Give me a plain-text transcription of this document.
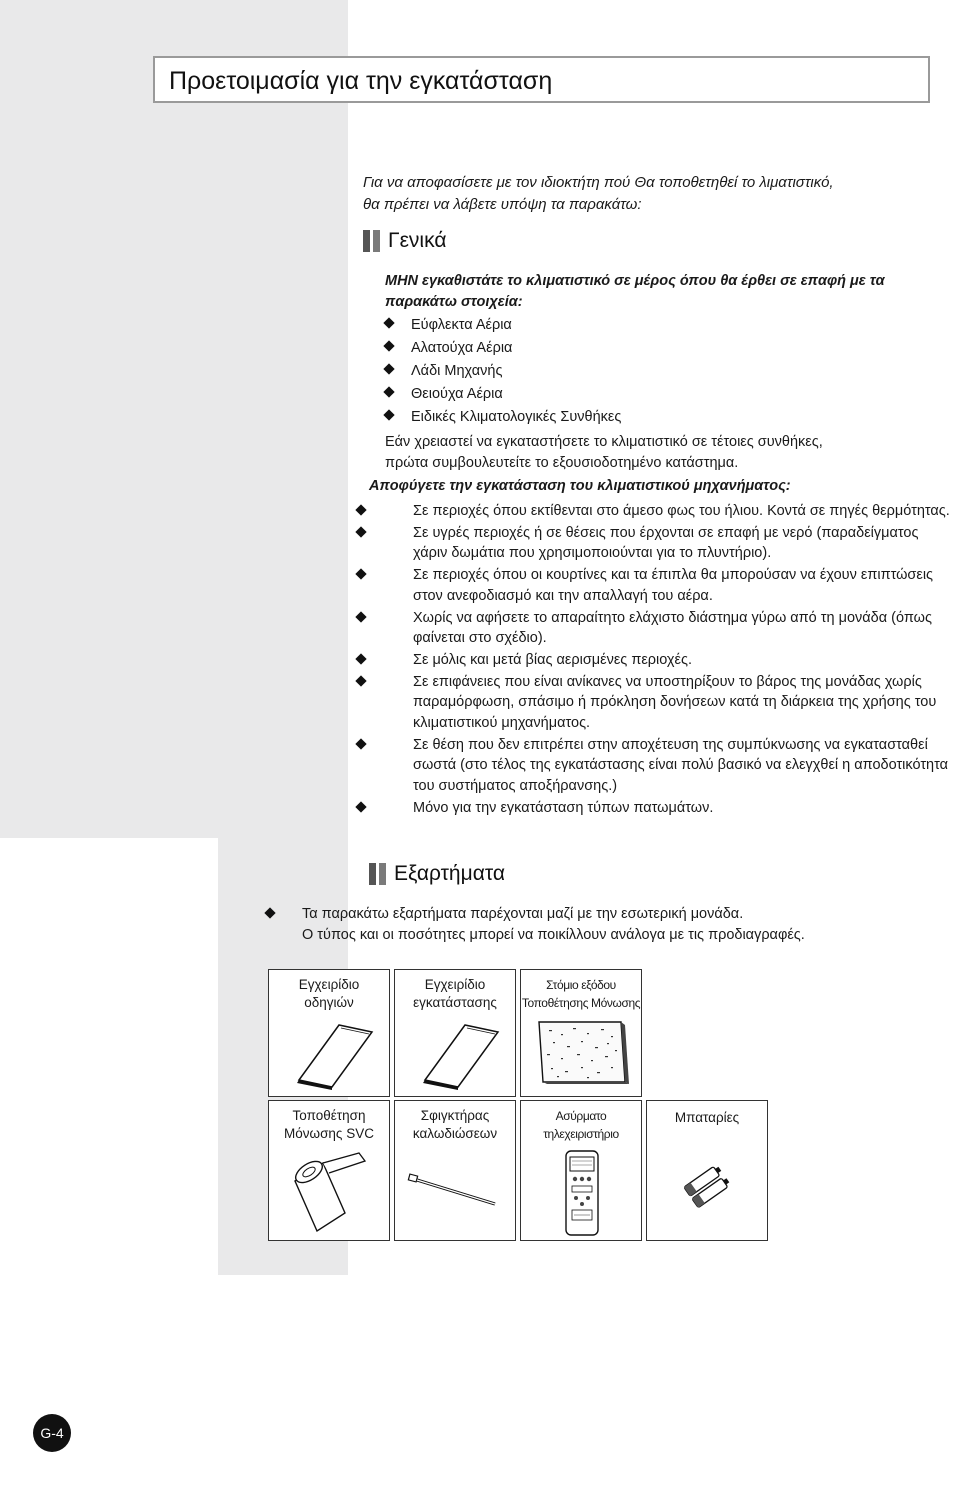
Προετοιμασία για την εγκατάσταση
Για να αποφασίσετε με τον ιδιοκτήτη πού Θα τοποθετηθεί το λιματιστικό,
θα πρέπει να λάβετε υπόψη τα παρακάτω:
Γενικά
ΜΗΝ εγκαθιστάτε το κλιματιστικό σε μέρος όπου θα έρθει σε επαφή με τα
παρακάτω στοιχεία:
Εύφλεκτα Αέρια
Αλατούχα Αέρια
Λάδι Μηχανής
Θειούχα Αέρια
Ειδικές Κλιματολογικές Συνθήκες
Εάν χρειαστεί να εγκαταστήσετε το κλιματιστικό σε τέτοιες συνθήκες,
πρώτα συμβουλευτείτε το εξουσιοδοτημένο κατάστημα.
Αποφύγετε την εγκατάσταση του κλιματιστικού μηχανήματος:
Σε περιοχές όπου εκτίθενται στο άμεσο φως του ήλιου. Κοντά σε πηγές θερμότητας.
Σε υγρές περιοχές ή σε θέσεις που έρχονται σε επαφή με νερό (παραδείγματος χάριν δωμάτια που χρησιμοποιούνται για το πλυντήριο).
Σε περιοχές όπου οι κουρτίνες και τα έπιπλα θα μπορούσαν να έχουν επιπτώσεις στον ανεφοδιασμό και την απαλλαγή του αέρα.
Χωρίς να αφήσετε το απαραίτητο ελάχιστο διάστημα γύρω από τη μονάδα (όπως φαίνεται στο σχέδιο).
Σε μόλις και μετά βίας αερισμένες περιοχές.
Σε επιφάνειες που είναι ανίκανες να υποστηρίξουν το βάρος της μονάδας χωρίς παραμόρφωση, σπάσιμο ή πρόκληση δονήσεων κατά τη διάρκεια της χρήσης του κλιματιστικού μηχανήματος.
Σε θέση που δεν επιτρέπει στην αποχέτευση της συμπύκνωσης να εγκατασταθεί σωστά (στο τέλος της εγκατάστασης είναι πολύ βασικό να ελεγχθεί η αποδοτικότητα του συστήματος αποξήρανσης.)
Μόνο για την εγκατάσταση τύπων πατωμάτων.
Εξαρτήματα
Τα παρακάτω εξαρτήματα παρέχονται μαζί με την εσωτερική μονάδα.
Ο τύπος και οι ποσότητες μπορεί να ποικίλλουν ανάλογα με τις προδιαγραφές.
Εγχειρίδιο
οδηγιών
Εγχειρίδιο
εγκατάστασης
Στόμιο εξόδου
Τοποθέτησης Μόνωσης
Τοποθέτηση
Μόνωσης SVC
Σφιγκτήρας
καλωδιώσεων
Ασύρματο
τηλεχειριστήριο
Μπαταρίες
G-4
